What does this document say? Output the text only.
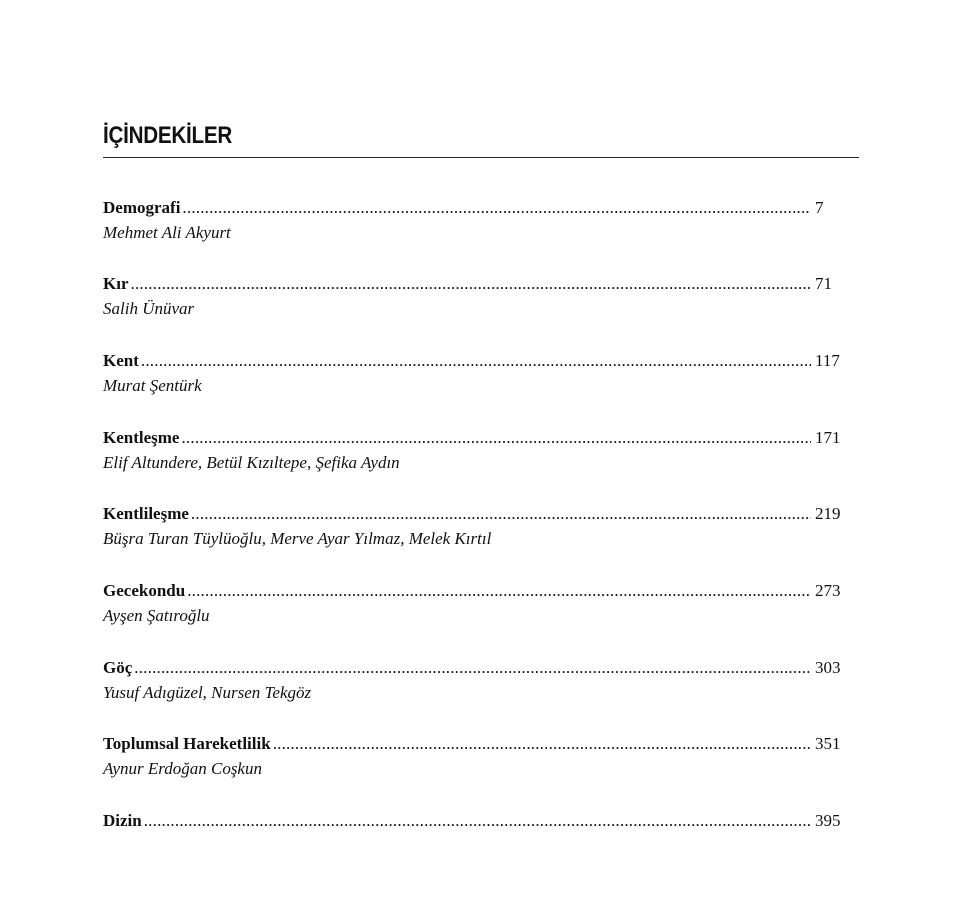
İÇİNDEKİLER
Demografi .....	7
Mehmet Ali Akyurt
Kır .....	71
Salih Ünüvar
Kent .....	117
Murat Şentürk
Kentleşme .....	171
Elif Altundere, Betül Kızıltepe, Şefika Aydın
Kentlileşme .....	219
Büşra Turan Tüylüoğlu, Merve Ayar Yılmaz, Melek Kırtıl
Gecekondu .....	273
Ayşen Şatıroğlu
Göç .....	303
Yusuf Adıgüzel, Nursen Tekgöz
Toplumsal Hareketlilik .....	351
Aynur Erdoğan Coşkun
Dizin .....	395
